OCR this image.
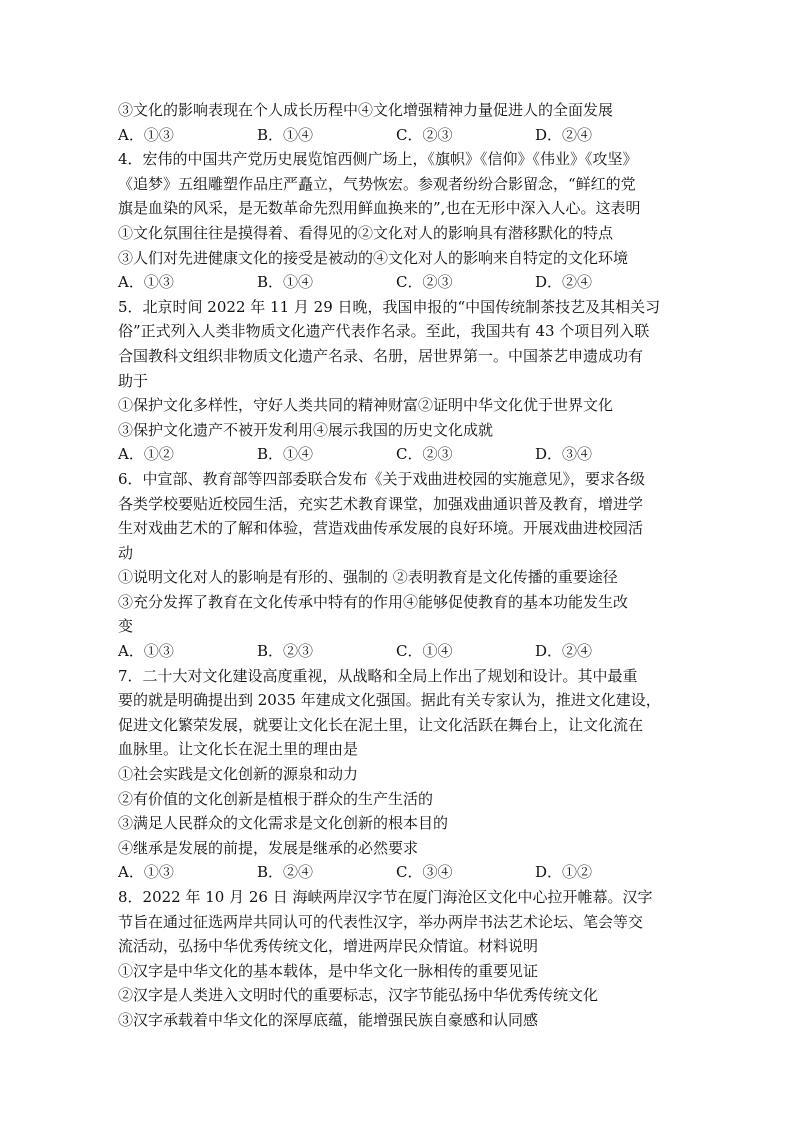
③文化的影响表现在个人成长历程中④文化增强精神力量促进人的全面发展
A．①③	B．①④	C．②③	D．②④
4．宏伟的中国共产党历史展览馆西侧广场上，《旗帜》《信仰》《伟业》《攻坚》
《追梦》五组雕塑作品庄严矗立，气势恢宏。参观者纷纷合影留念，“鲜红的党
旗是血染的风采，是无数革命先烈用鲜血换来的”,也在无形中深入人心。这表明
①文化氛围往往是摸得着、看得见的②文化对人的影响具有潜移默化的特点
③人们对先进健康文化的接受是被动的④文化对人的影响来自特定的文化环境
A．①③	B．①④	C．②③	D．②④
5．北京时间 2022 年 11 月 29 日晚，我国申报的“中国传统制茶技艺及其相关习
俗”正式列入人类非物质文化遗产代表作名录。至此，我国共有 43 个项目列入联
合国教科文组织非物质文化遗产名录、名册，居世界第一。中国茶艺申遗成功有
助于
①保护文化多样性，守好人类共同的精神财富②证明中华文化优于世界文化
③保护文化遗产不被开发利用④展示我国的历史文化成就
A．①②	B．①④	C．②③	D．③④
6．中宣部、教育部等四部委联合发布《关于戏曲进校园的实施意见》，要求各级
各类学校要贴近校园生活，充实艺术教育课堂，加强戏曲通识普及教育，增进学
生对戏曲艺术的了解和体验，营造戏曲传承发展的良好环境。开展戏曲进校园活
动
①说明文化对人的影响是有形的、强制的 ②表明教育是文化传播的重要途径
③充分发挥了教育在文化传承中特有的作用④能够促使教育的基本功能发生改
变
A．①③	B．②③	C．①④	D．②④
7．二十大对文化建设高度重视，从战略和全局上作出了规划和设计。其中最重
要的就是明确提出到 2035 年建成文化强国。据此有关专家认为，推进文化建设，
促进文化繁荣发展，就要让文化长在泥土里，让文化活跃在舞台上，让文化流在
血脉里。让文化长在泥土里的理由是
①社会实践是文化创新的源泉和动力
②有价值的文化创新是植根于群众的生产生活的
③满足人民群众的文化需求是文化创新的根本目的
④继承是发展的前提，发展是继承的必然要求
A．①③	B．②④	C．③④	D．①②
8．2022 年 10 月 26 日 海峡两岸汉字节在厦门海沧区文化中心拉开帷幕。汉字
节旨在通过征选两岸共同认可的代表性汉字，举办两岸书法艺术论坛、笔会等交
流活动，弘扬中华优秀传统文化，增进两岸民众情谊。材料说明
①汉字是中华文化的基本载体，是中华文化一脉相传的重要见证
②汉字是人类进入文明时代的重要标志，汉字节能弘扬中华优秀传统文化
③汉字承载着中华文化的深厚底蕴，能增强民族自豪感和认同感
